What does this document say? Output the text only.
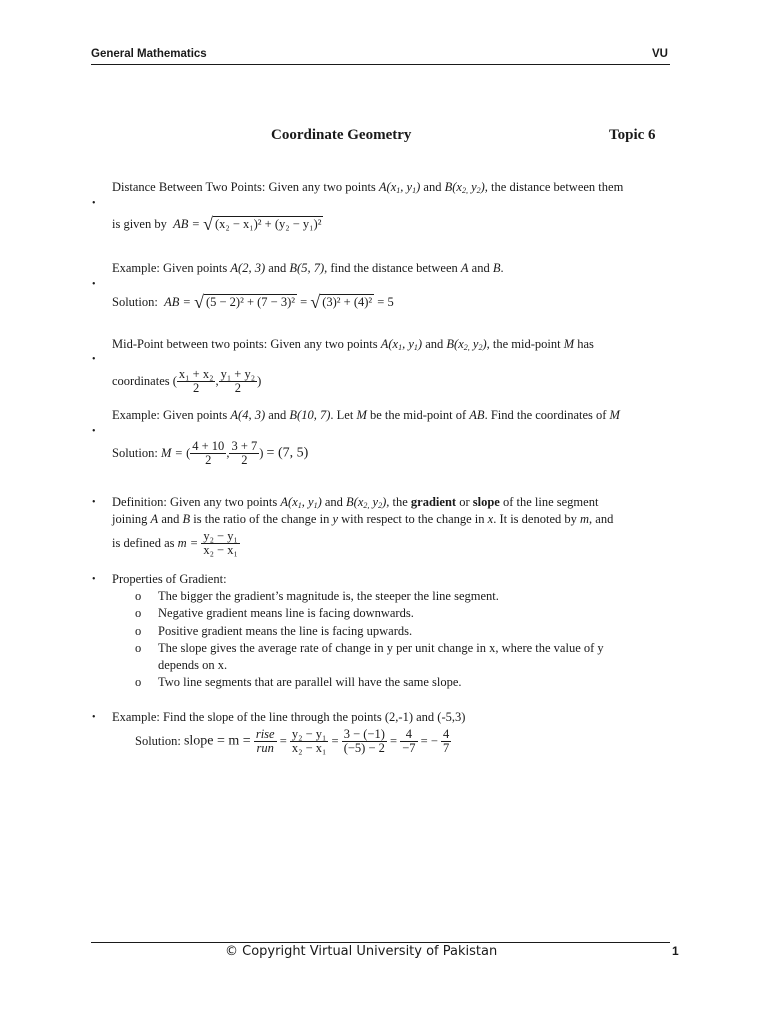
General Mathematics	VU
Coordinate Geometry	Topic 6
•
Distance Between Two Points: Given any two points $A(x_1$, $y_1$) and $B(x_{2,}$ $y_2$), the distance between them
is given by AB = √ (x₂ − x₁)² + (y₂ − y₁)²
•
Example: Given points A(2, 3) and B(5, 7), find the distance between A and B.
Solution: AB = √ (5 − 2)² + (7 − 3)² = √ (3)² + (4)² = 5
•
Mid-Point between two points: Given any two points $A(x_1$, $y_1$) and $B(x_{2,}$ $y_2$), the mid-point M has
coordinates ( $\frac{\text{x₁ + x₂}}{2}$ , $\frac{\text{y₁ + y₂}}{2}$ )
•
Example: Given points A(4, 3) and B(10, 7). Let M be the mid-point of AB. Find the coordinates of M
Solution: M = ( $\frac{4 + 10}{2}$ , $\frac{3 + 7}{2}$ ) = (7, 5)
• Definition: Given any two points $A(x_1$, $y_1$) and $B(x_{2,}$ $y_2$), the gradient or slope of the line segment
joining A and B is the ratio of the change in y with respect to the change in x. It is denoted by m, and
is defined as $m = \frac{\text{y₂ − y₁}}{\text{x₂ − x₁}}$
• Properties of Gradient:
o The bigger the gradient’s magnitude is, the steeper the line segment.
o Negative gradient means line is facing downwards.
o Positive gradient means the line is facing upwards.
o The slope gives the average rate of change in y per unit change in x, where the value of y
depends on x.
o Two line segments that are parallel will have the same slope.
• Example: Find the slope of the line through the points (2,-1) and (-5,3)
Solution: slope = $m = \frac{\text{rise}}{\text{run}} = \frac{\text{y₂ − y₁}}{\text{x₂ − x₁}} = \frac{3 - (-1)}{(-5) - 2} = \frac{4}{-7}$ = − $\frac{4}{7}$
© Copyright Virtual University of Pakistan	1
